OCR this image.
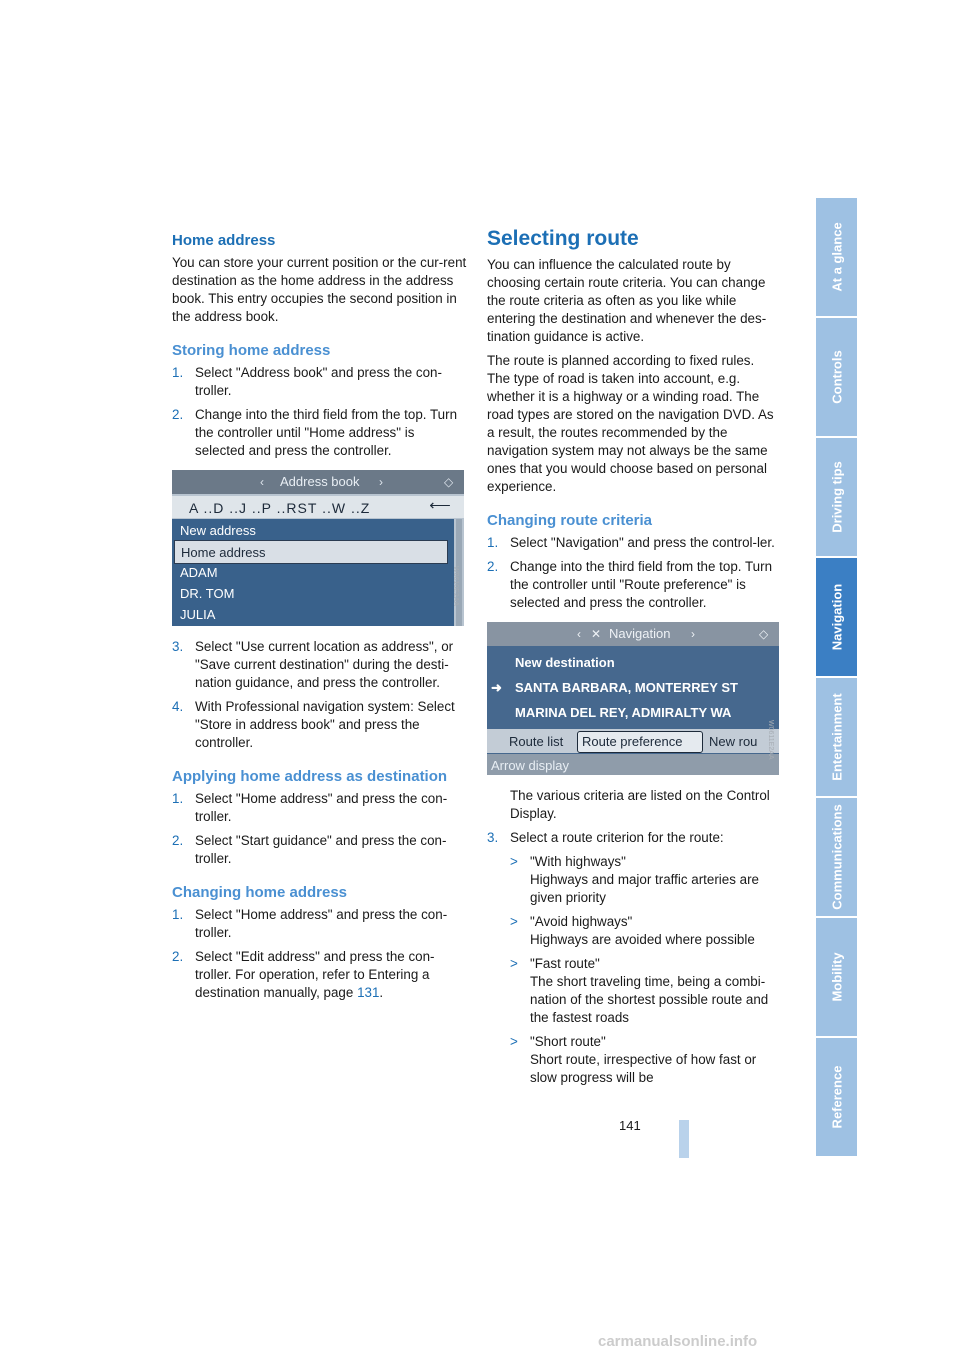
Home address

You can store your current position or the cur-rent destination as the home address in the address book. This entry occupies the second position in the address book.

Storing home address
1. Select "Address book" and press the con-troller.
2. Change into the third field from the top. Turn the controller until "Home address" is selected and press the controller.
‹ Address book ›	◇
A ..D ..J ..P ..RST ..W ..Z	⟵
New address
Home address
ADAM
DR. TOM
JULIA
W0610E2AA
3. Select "Use current location as address", or "Save current destination" during the desti-nation guidance, and press the controller.
4. With Professional navigation system: Select "Store in address book" and press the controller.
Applying home address as destination
1. Select "Home address" and press the con-troller.
2. Select "Start guidance" and press the con-troller.
Changing home address
1. Select "Home address" and press the con-troller.
2. Select "Edit address" and press the con-troller. For operation, refer to Entering a destination manually, page 131.
Selecting route

You can influence the calculated route by choosing certain route criteria. You can change the route criteria as often as you like while entering the destination and whenever the des-tination guidance is active.

The route is planned according to fixed rules. The type of road is taken into account, e.g. whether it is a highway or a winding road. The road types are stored on the navigation DVD. As a result, the routes recommended by the navigation system may not always be the same ones that you would choose based on personal experience.

Changing route criteria
1. Select "Navigation" and press the control-ler.
2. Change into the third field from the top. Turn the controller until "Route preference" is selected and press the controller.
‹ ✕ Navigation ›	◇
New destination
➜ SANTA BARBARA, MONTERREY ST
MARINA DEL REY, ADMIRALTY WA
Route list Route preference New rou
Arrow display
W0611E2AA

The various criteria are listed on the Control Display.

3. Select a route criterion for the route:
> "With highways"
Highways and major traffic arteries are given priority
> "Avoid highways"
Highways are avoided where possible
> "Fast route"
The short traveling time, being a combi-nation of the shortest possible route and the fastest roads
> "Short route"
Short route, irrespective of how fast or slow progress will be
At a glance
Controls
Driving tips
Navigation
Entertainment
Communications
Mobility
Reference
141
carmanualsonline.info
